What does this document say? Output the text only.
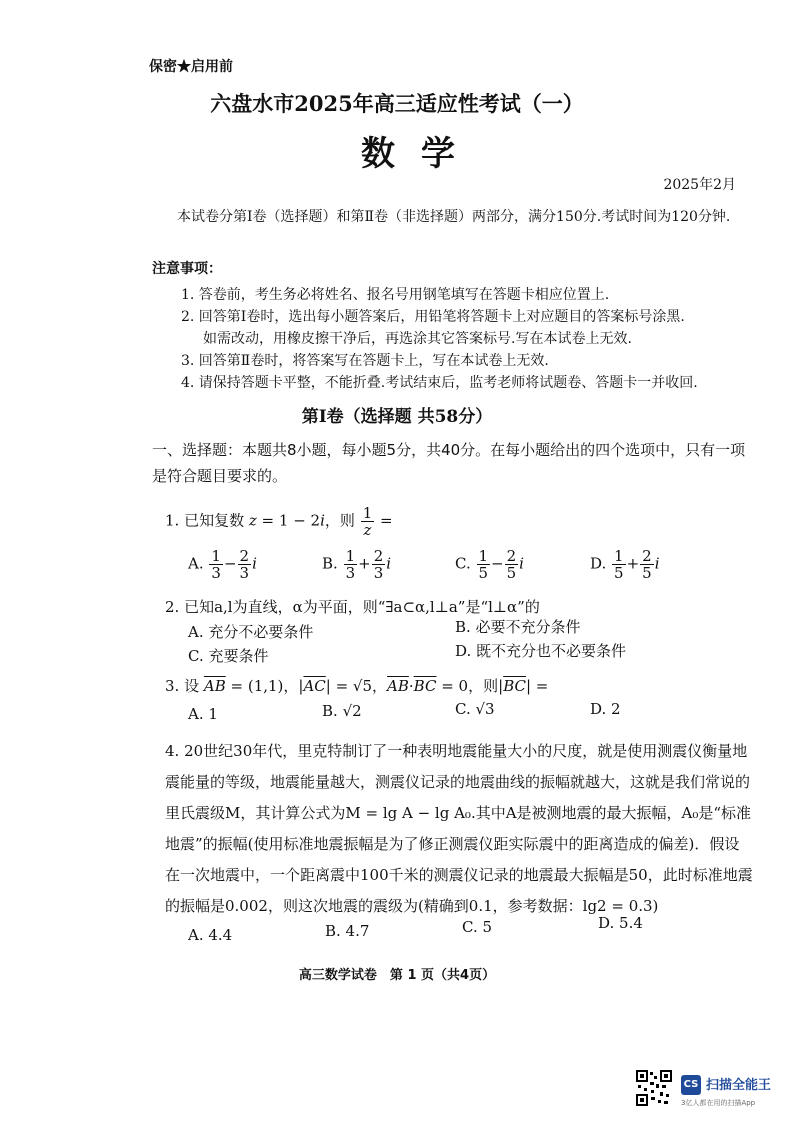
保密★启用前
六盘水市2025年高三适应性考试（一）
数学
2025年2月
本试卷分第Ⅰ卷（选择题）和第Ⅱ卷（非选择题）两部分，满分150分.考试时间为120分钟.
注意事项：
1. 答卷前，考生务必将姓名、报名号用钢笔填写在答题卡相应位置上.
2. 回答第Ⅰ卷时，选出每小题答案后，用铅笔将答题卡上对应题目的答案标号涂黑.
如需改动，用橡皮擦干净后，再选涂其它答案标号.写在本试卷上无效.
3. 回答第Ⅱ卷时，将答案写在答题卡上，写在本试卷上无效.
4. 请保持答题卡平整，不能折叠.考试结束后，监考老师将试题卷、答题卡一并收回.
第Ⅰ卷（选择题 共58分）
一、选择题：本题共8小题，每小题5分，共40分。在每小题给出的四个选项中，只有一项是符合题目要求的。
1. 已知复数 z = 1 − 2i，则 $\frac{1}{z}$ =
A. $\frac{1}{3} - \frac{2}{3}$ i	B. $\frac{1}{3} + \frac{2}{3}$ i	C. $\frac{1}{5} - \frac{2}{5}$ i	D. $\frac{1}{5} + \frac{2}{5}$ i
2. 已知a,l为直线，α为平面，则“∃a⊂α,l⊥a”是“l⊥α”的
A. 充分不必要条件	B. 必要不充分条件
C. 充要条件	D. 既不充分也不必要条件
3. 设 $\overline{AB} = (1,1)$，$|\overline{AC}| = √5$，$\overline{AB}\cdot\overline{BC} = 0$，则$|\overline{BC}|$ =
A. 1	B. √2	C. √3	D. 2
4. 20世纪30年代，里克特制订了一种表明地震能量大小的尺度，就是使用测震仪衡量地震能量的等级，地震能量越大，测震仪记录的地震曲线的振幅就越大，这就是我们常说的里氏震级M，其计算公式为M = lg A − lg A₀.其中A是被测地震的最大振幅，A₀是“标准地震”的振幅(使用标准地震振幅是为了修正测震仪距实际震中的距离造成的偏差)．假设在一次地震中，一个距离震中100千米的测震仪记录的地震最大振幅是50，此时标准地震的振幅是0.002，则这次地震的震级为(精确到0.1，参考数据：lg2 = 0.3)
A. 4.4	B. 4.7	C. 5	D. 5.4
高三数学试卷　第 1 页（共4页）
CS 扫描全能王
3亿人都在用的扫描App
